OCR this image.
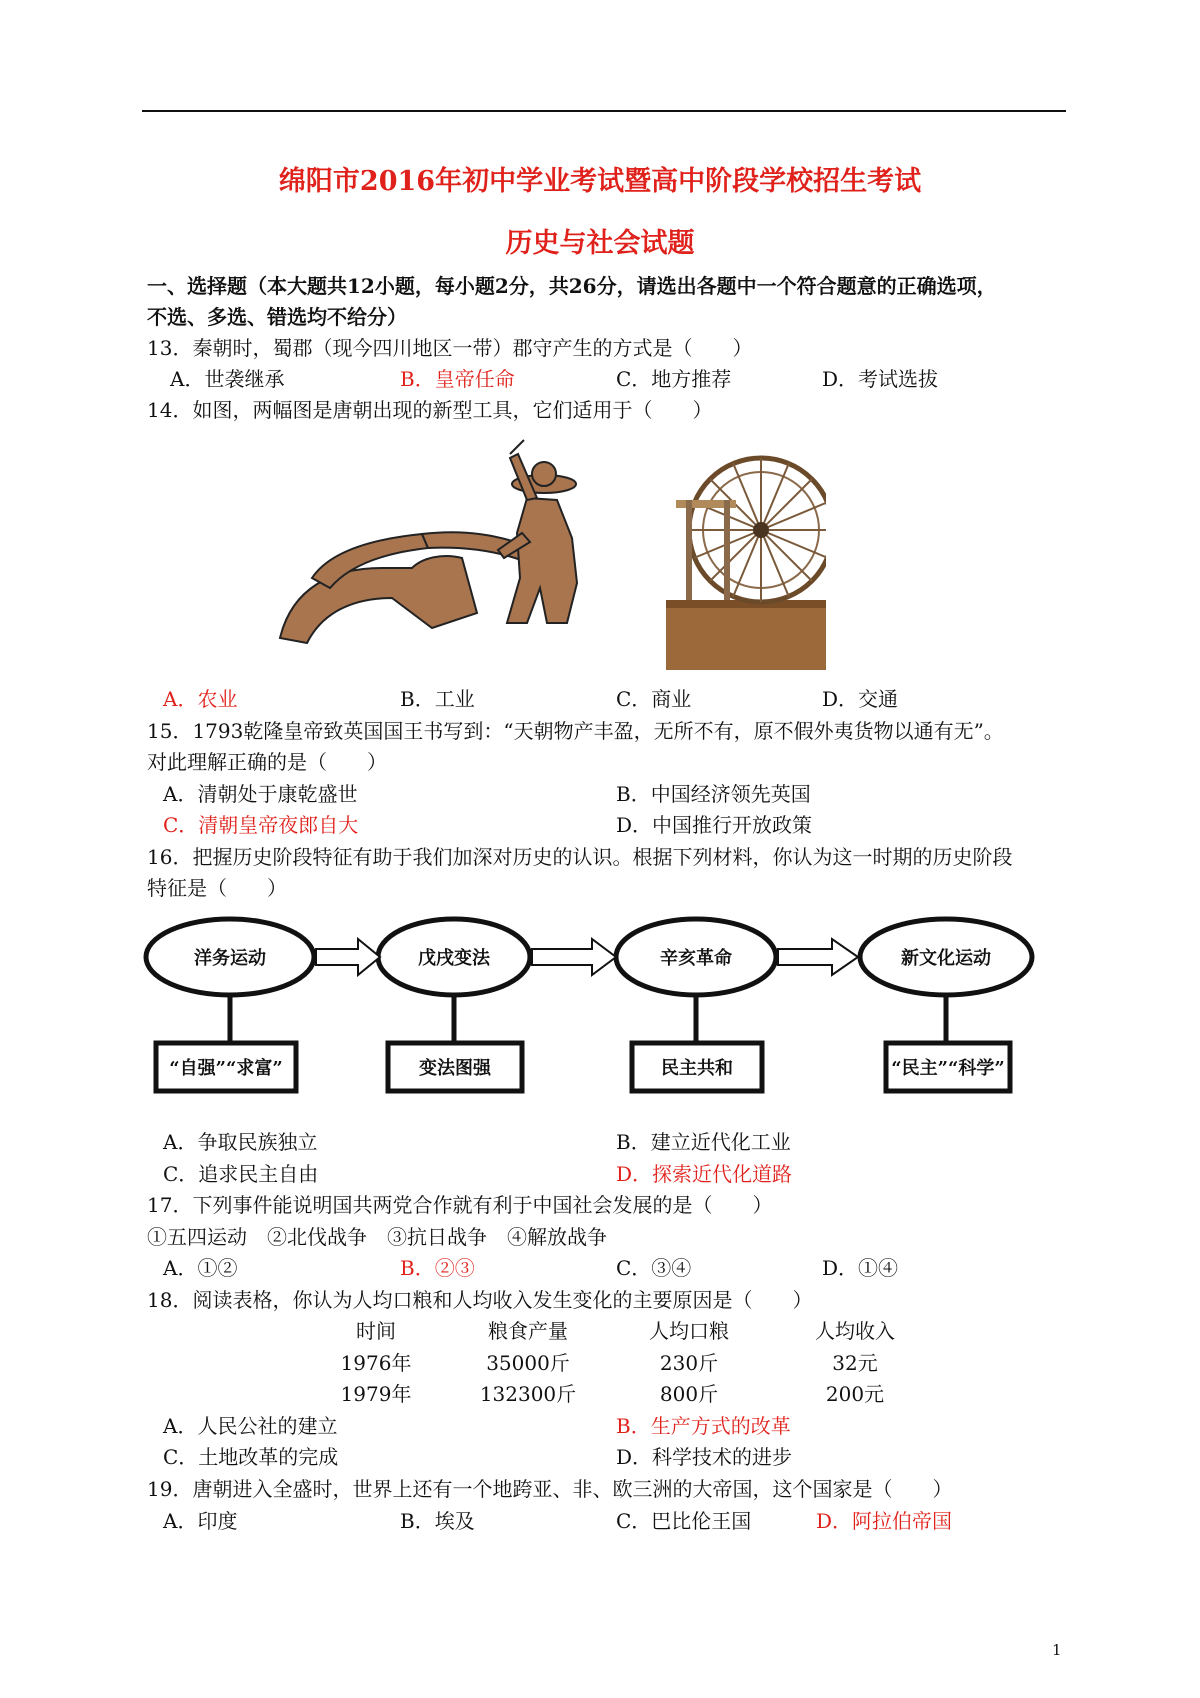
绵阳市2016年初中学业考试暨高中阶段学校招生考试
历史与社会试题
一、选择题（本大题共12小题，每小题2分，共26分，请选出各题中一个符合题意的正确选项，
不选、多选、错选均不给分）
13．秦朝时，蜀郡（现今四川地区一带）郡守产生的方式是（　　）
A．世袭继承	B．皇帝任命	C．地方推荐	D．考试选拔
14．如图，两幅图是唐朝出现的新型工具，它们适用于（　　）
A．农业	B．工业	C．商业	D．交通
15．1793乾隆皇帝致英国国王书写到：“天朝物产丰盈，无所不有，原不假外夷货物以通有无”。
对此理解正确的是（　　）
A．清朝处于康乾盛世	B．中国经济领先英国
C．清朝皇帝夜郎自大	D．中国推行开放政策
16．把握历史阶段特征有助于我们加深对历史的认识。根据下列材料，你认为这一时期的历史阶段
特征是（　　）
洋务运动	戊戌变法	辛亥革命	新文化运动
“自强”“求富”	变法图强	民主共和	“民主”“科学”
A．争取民族独立	B．建立近代化工业
C．追求民主自由	D．探索近代化道路
17．下列事件能说明国共两党合作就有利于中国社会发展的是（　　）
①五四运动　②北伐战争　③抗日战争　④解放战争
A．①②	B．②③	C．③④	D．①④
18．阅读表格，你认为人均口粮和人均收入发生变化的主要原因是（　　）
时间	粮食产量	人均口粮	人均收入
1976年	35000斤	230斤	32元
1979年	132300斤	800斤	200元
A．人民公社的建立	B．生产方式的改革
C．土地改革的完成	D．科学技术的进步
19．唐朝进入全盛时，世界上还有一个地跨亚、非、欧三洲的大帝国，这个国家是（　　）
A．印度	B．埃及	C．巴比伦王国	D．阿拉伯帝国
1
